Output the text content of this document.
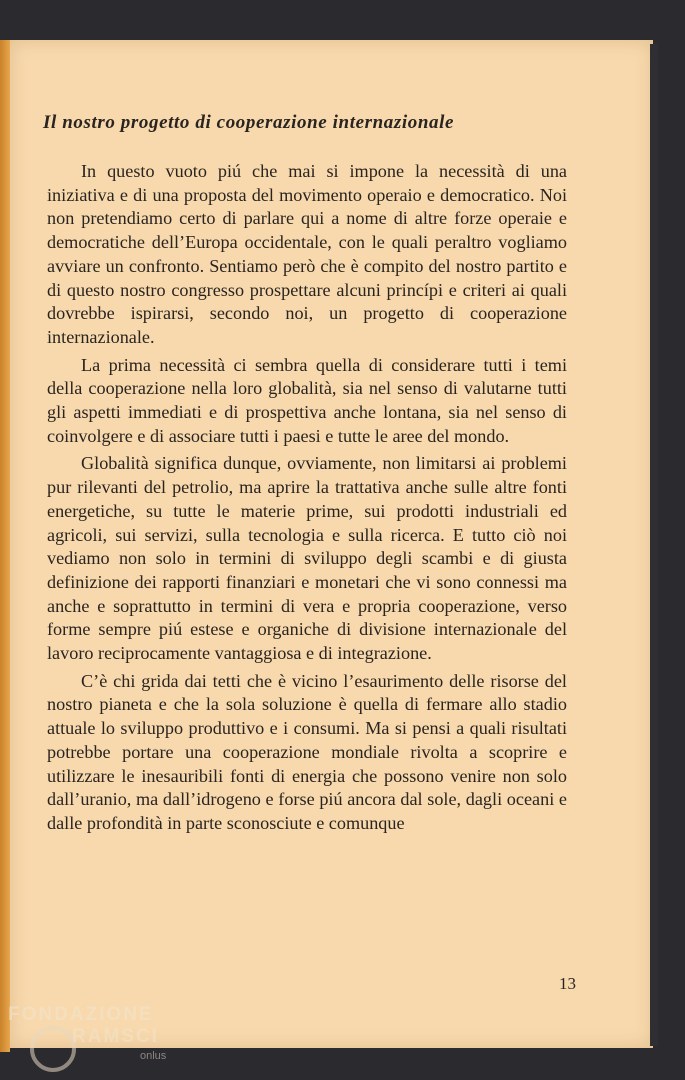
Il nostro progetto di cooperazione internazionale

In questo vuoto piú che mai si impone la necessità di una iniziativa e di una proposta del movimento operaio e democratico. Noi non pretendiamo certo di parlare qui a nome di altre forze operaie e democratiche dell’Europa occidentale, con le quali peraltro vogliamo avviare un confronto. Sentiamo però che è compito del nostro partito e di questo nostro congresso prospettare alcuni princípi e criteri ai quali dovrebbe ispirarsi, secondo noi, un progetto di cooperazione internazionale.

La prima necessità ci sembra quella di considerare tutti i temi della cooperazione nella loro globalità, sia nel senso di valutarne tutti gli aspetti immediati e di prospettiva anche lontana, sia nel senso di coinvolgere e di associare tutti i paesi e tutte le aree del mondo.

Globalità significa dunque, ovviamente, non limitarsi ai problemi pur rilevanti del petrolio, ma aprire la trattativa anche sulle altre fonti energetiche, su tutte le materie prime, sui prodotti industriali ed agricoli, sui servizi, sulla tecnologia e sulla ricerca. E tutto ciò noi vediamo non solo in termini di sviluppo degli scambi e di giusta definizione dei rapporti finanziari e monetari che vi sono connessi ma anche e soprattutto in termini di vera e propria cooperazione, verso forme sempre piú estese e organiche di divisione internazionale del lavoro reciprocamente vantaggiosa e di integrazione.

C’è chi grida dai tetti che è vicino l’esaurimento delle risorse del nostro pianeta e che la sola soluzione è quella di fermare allo stadio attuale lo sviluppo produttivo e i consumi. Ma si pensi a quali risultati potrebbe portare una cooperazione mondiale rivolta a scoprire e utilizzare le inesauribili fonti di energia che possono venire non solo dall’uranio, ma dall’idrogeno e forse piú ancora dal sole, dagli oceani e dalle profondità in parte sconosciute e comunque

13
FONDAZIONE
RAMSCI
onlus
